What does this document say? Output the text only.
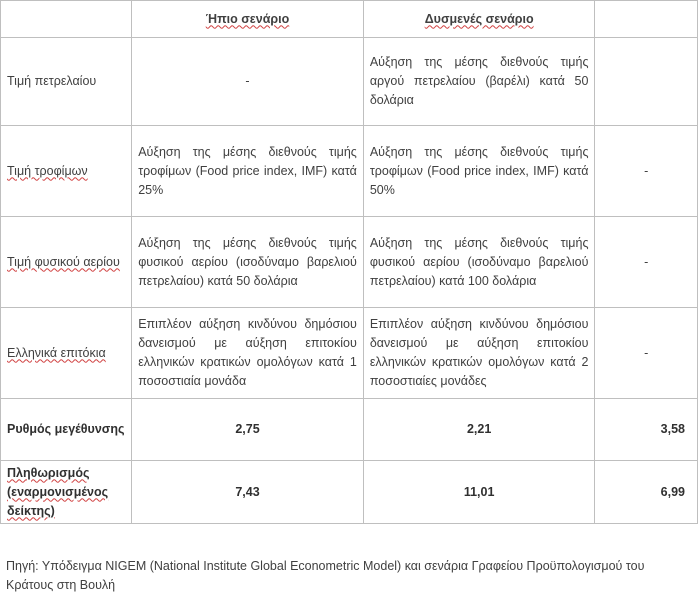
	Ήπιο σενάριο	Δυσμενές σενάριο	
Τιμή πετρελαίου	-	Αύξηση της μέσης διεθνούς τιμής αργού πετρελαίου (βαρέλι) κατά 50 δολάρια	
Τιμή τροφίμων	Αύξηση της μέσης διεθνούς τιμής τροφίμων (Food price index, IMF) κατά 25%	Αύξηση της μέσης διεθνούς τιμής τροφίμων (Food price index, IMF) κατά 50%	-
Τιμή φυσικού αερίου	Αύξηση της μέσης διεθνούς τιμής φυσικού αερίου (ισοδύναμο βαρελιού πετρελαίου) κατά 50 δολάρια	Αύξηση της μέσης διεθνούς τιμής φυσικού αερίου (ισοδύναμο βαρελιού πετρελαίου) κατά 100 δολάρια	-
Ελληνικά επιτόκια	Επιπλέον αύξηση κινδύνου δημόσιου δανεισμού με αύξηση επιτοκίου ελληνικών κρατικών ομολόγων κατά 1 ποσοστιαία μονάδα	Επιπλέον αύξηση κινδύνου δημόσιου δανεισμού με αύξηση επιτοκίου ελληνικών κρατικών ομολόγων κατά 2 ποσοστιαίες μονάδες	-
Ρυθμός μεγέθυνσης	2,75	2,21	3,58
Πληθωρισμός (εναρμονισμένος δείκτης)	7,43	11,01	6,99
Πηγή: Υπόδειγμα NIGEM (National Institute Global Econometric Model) και σενάρια Γραφείου Προϋπολογισμού του Κράτους στη Βουλή
